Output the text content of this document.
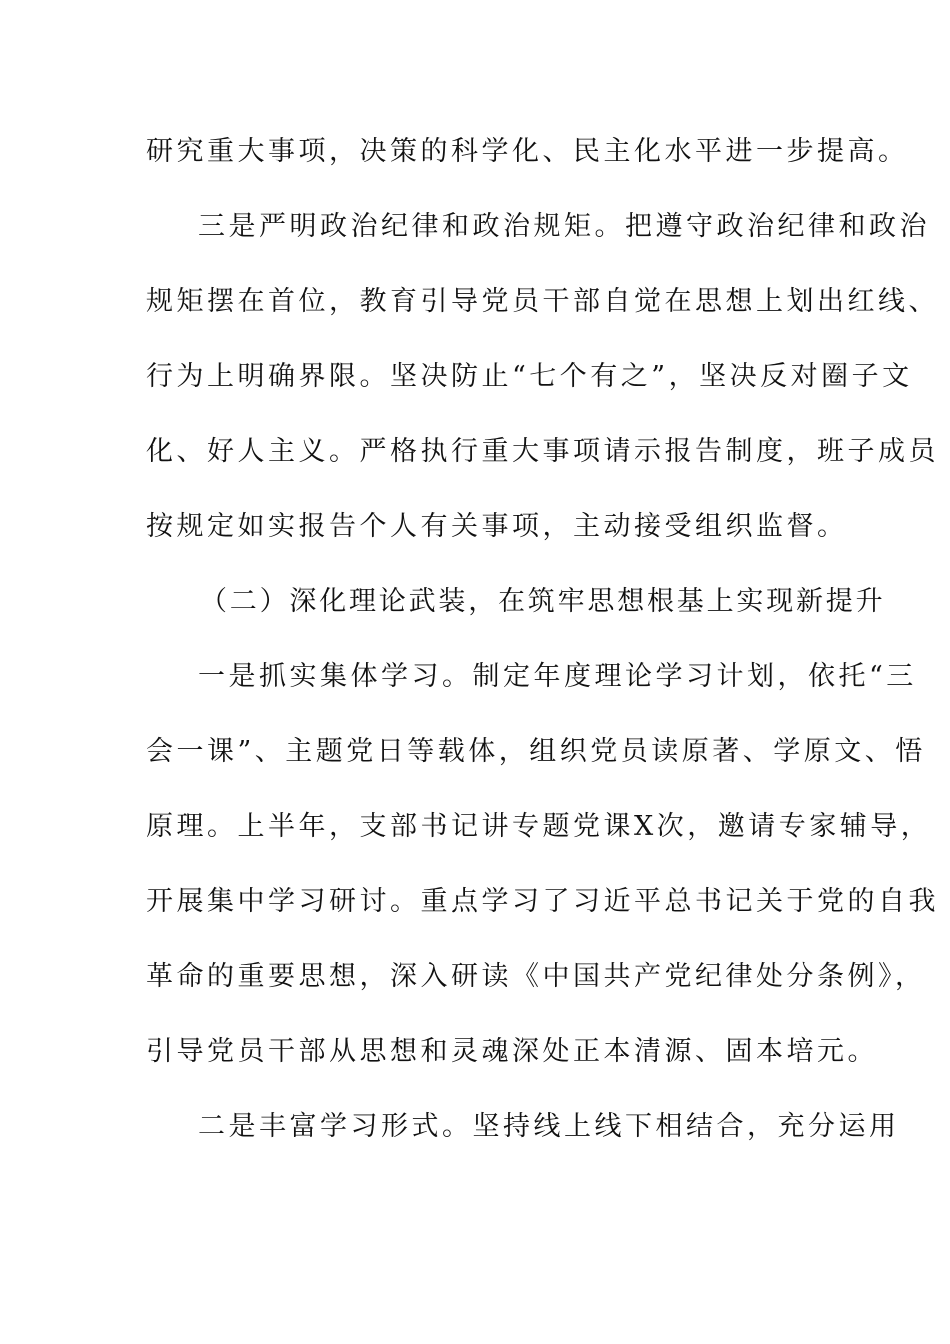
研究重大事项，决策的科学化、民主化水平进一步提高。
三是严明政治纪律和政治规矩。把遵守政治纪律和政治
规矩摆在首位，教育引导党员干部自觉在思想上划出红线、
行为上明确界限。坚决防止“七个有之”，坚决反对圈子文
化、好人主义。严格执行重大事项请示报告制度，班子成员
按规定如实报告个人有关事项，主动接受组织监督。
（二）深化理论武装，在筑牢思想根基上实现新提升
一是抓实集体学习。制定年度理论学习计划，依托“三
会一课”、主题党日等载体，组织党员读原著、学原文、悟
原理。上半年，支部书记讲专题党课X次，邀请专家辅导，
开展集中学习研讨。重点学习了习近平总书记关于党的自我
革命的重要思想，深入研读《中国共产党纪律处分条例》，
引导党员干部从思想和灵魂深处正本清源、固本培元。
二是丰富学习形式。坚持线上线下相结合，充分运用
